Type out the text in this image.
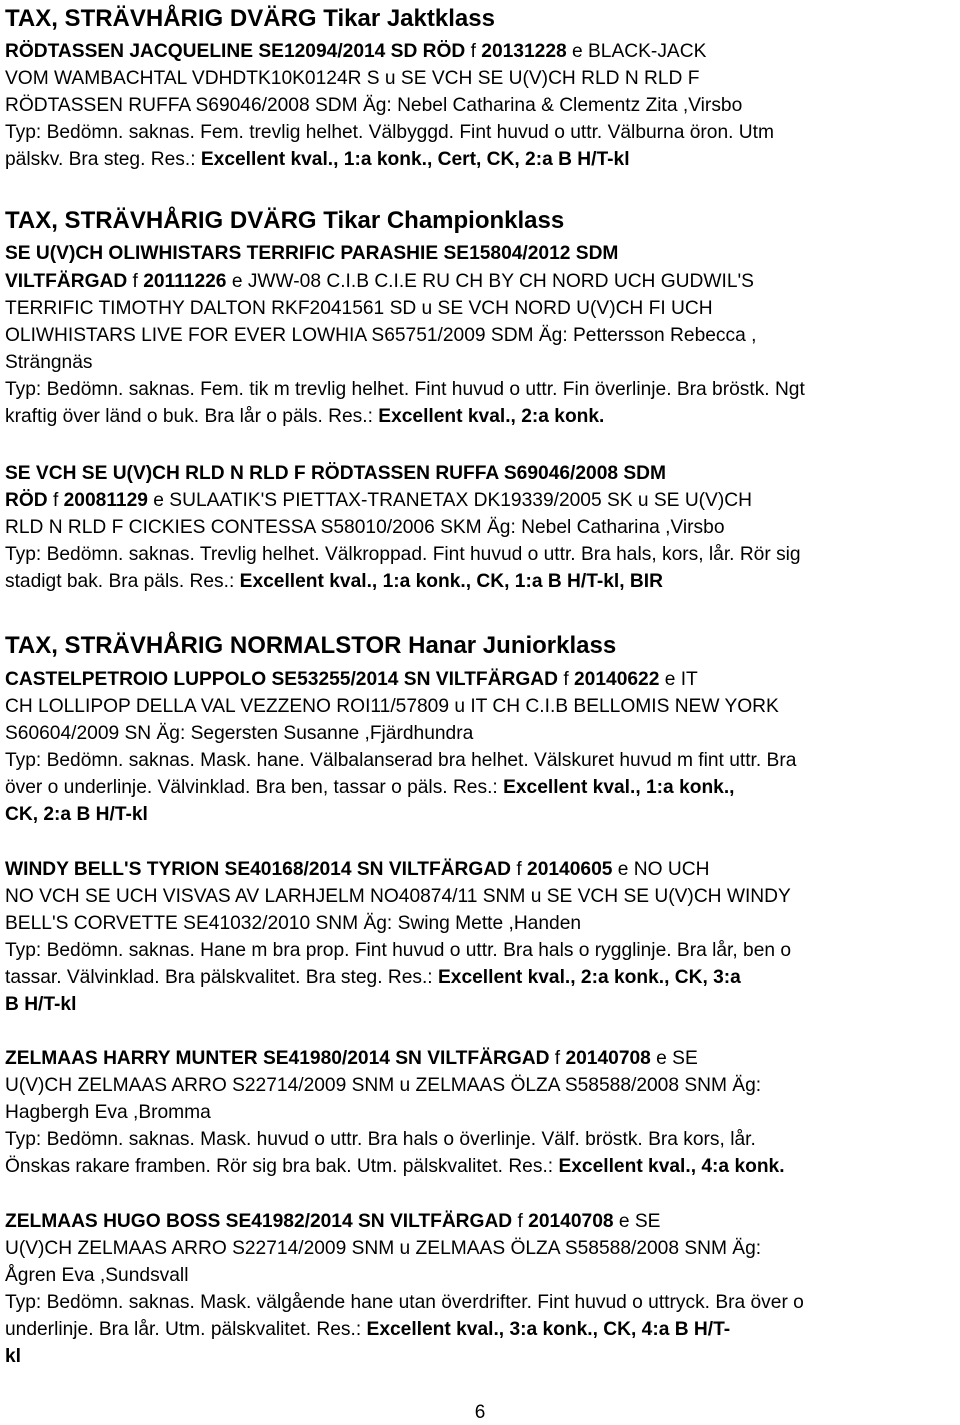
TAX, STRÄVHÅRIG DVÄRG Tikar Jaktklass
RÖDTASSEN JACQUELINE SE12094/2014 SD RÖD f 20131228 e BLACK-JACK
VOM WAMBACHTAL VDHDTK10K0124R S u SE VCH SE U(V)CH RLD N RLD F
RÖDTASSEN RUFFA S69046/2008 SDM Äg: Nebel Catharina & Clementz Zita ,Virsbo
Typ: Bedömn. saknas. Fem. trevlig helhet. Välbyggd. Fint huvud o uttr. Välburna öron. Utm
pälskv. Bra steg. Res.: Excellent kval., 1:a konk., Cert, CK, 2:a B H/T-kl
TAX, STRÄVHÅRIG DVÄRG Tikar Championklass
SE U(V)CH OLIWHISTARS TERRIFIC PARASHIE SE15804/2012 SDM
VILTFÄRGAD f 20111226 e JWW-08 C.I.B C.I.E RU CH BY CH NORD UCH GUDWIL'S
TERRIFIC TIMOTHY DALTON RKF2041561 SD u SE VCH NORD U(V)CH FI UCH
OLIWHISTARS LIVE FOR EVER LOWHIA S65751/2009 SDM Äg: Pettersson Rebecca ,
Strängnäs
Typ: Bedömn. saknas. Fem. tik m trevlig helhet. Fint huvud o uttr. Fin överlinje. Bra bröstk. Ngt
kraftig över länd o buk. Bra lår o päls. Res.: Excellent kval., 2:a konk.
SE VCH SE U(V)CH RLD N RLD F RÖDTASSEN RUFFA S69046/2008 SDM
RÖD f 20081129 e SULAATIK'S PIETTAX-TRANETAX DK19339/2005 SK u SE U(V)CH
RLD N RLD F CICKIES CONTESSA S58010/2006 SKM Äg: Nebel Catharina ,Virsbo
Typ: Bedömn. saknas. Trevlig helhet. Välkroppad. Fint huvud o uttr. Bra hals, kors, lår. Rör sig
stadigt bak. Bra päls. Res.: Excellent kval., 1:a konk., CK, 1:a B H/T-kl, BIR
TAX, STRÄVHÅRIG NORMALSTOR Hanar Juniorklass
CASTELPETROIO LUPPOLO SE53255/2014 SN VILTFÄRGAD f 20140622 e IT
CH LOLLIPOP DELLA VAL VEZZENO ROI11/57809 u IT CH C.I.B BELLOMIS NEW YORK
S60604/2009 SN Äg: Segersten Susanne ,Fjärdhundra
Typ: Bedömn. saknas. Mask. hane. Välbalanserad bra helhet. Välskuret huvud m fint uttr. Bra
över o underlinje. Välvinklad. Bra ben, tassar o päls. Res.: Excellent kval., 1:a konk.,
CK, 2:a B H/T-kl
WINDY BELL'S TYRION SE40168/2014 SN VILTFÄRGAD f 20140605 e NO UCH
NO VCH SE UCH VISVAS AV LARHJELM NO40874/11 SNM u SE VCH SE U(V)CH WINDY
BELL'S CORVETTE SE41032/2010 SNM Äg: Swing Mette ,Handen
Typ: Bedömn. saknas. Hane m bra prop. Fint huvud o uttr. Bra hals o rygglinje. Bra lår, ben o
tassar. Välvinklad. Bra pälskvalitet. Bra steg. Res.: Excellent kval., 2:a konk., CK, 3:a
B H/T-kl
ZELMAAS HARRY MUNTER SE41980/2014 SN VILTFÄRGAD f 20140708 e SE
U(V)CH ZELMAAS ARRO S22714/2009 SNM u ZELMAAS ÖLZA S58588/2008 SNM Äg:
Hagbergh Eva ,Bromma
Typ: Bedömn. saknas. Mask. huvud o uttr. Bra hals o överlinje. Välf. bröstk. Bra kors, lår.
Önskas rakare framben. Rör sig bra bak. Utm. pälskvalitet. Res.: Excellent kval., 4:a konk.
ZELMAAS HUGO BOSS SE41982/2014 SN VILTFÄRGAD f 20140708 e SE
U(V)CH ZELMAAS ARRO S22714/2009 SNM u ZELMAAS ÖLZA S58588/2008 SNM Äg:
Ågren Eva ,Sundsvall
Typ: Bedömn. saknas. Mask. välgående hane utan överdrifter. Fint huvud o uttryck. Bra över o
underlinje. Bra lår. Utm. pälskvalitet. Res.: Excellent kval., 3:a konk., CK, 4:a B H/T-
kl
6
